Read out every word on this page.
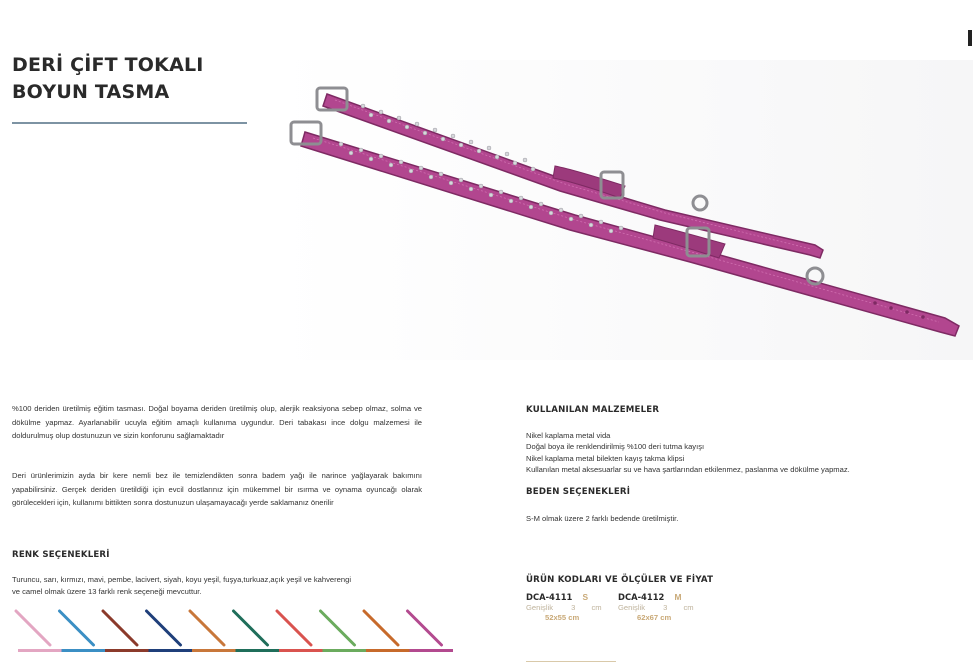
DERİ ÇİFT TOKALI
BOYUN TASMA

%100 deriden üretilmiş eğitim tasması. Doğal boyama deriden üretilmiş olup, alerjik reaksiyona sebep olmaz, solma ve dökülme yapmaz. Ayarlanabilir ucuyla eğitim amaçlı kullanıma uygundur. Deri tabakası ince dolgu malzemesi ile doldurulmuş olup dostunuzun ve sizin konforunu sağlamaktadır

Deri ürünlerimizin ayda bir kere nemli bez ile temizlendikten sonra badem yağı ile narince yağlayarak bakımını yapabilirsiniz. Gerçek deriden üretildiği için evcil dostlarınız için mükemmel bir ısırma ve oynama oyuncağı olarak görülecekleri için, kullanımı bittikten sonra dostunuzun ulaşamayacağı yerde saklamanız önerilir

RENK SEÇENEKLERİ
Turuncu, sarı, kırmızı, mavi, pembe, lacivert, siyah, koyu yeşil, fuşya,turkuaz,açık yeşil ve kahverengi
ve camel olmak üzere 13 farklı renk seçeneği mevcuttur.
KULLANILAN MALZEMELER
Nikel kaplama metal vida
Doğal boya ile renklendirilmiş %100 deri tutma kayışı
Nikel kaplama metal bilekten kayış takma klipsi
Kullanılan metal aksesuarlar su ve hava şartlarından etkilenmez, paslanma ve dökülme yapmaz.
BEDEN SEÇENEKLERİ
S-M olmak üzere 2 farklı bedende üretilmiştir.
ÜRÜN KODLARI VE ÖLÇÜLER VE FİYAT
DCA-4111 S
Genişlik 3 cm
52x55 cm
DCA-4112 M
Genişlik 3 cm
62x67 cm
